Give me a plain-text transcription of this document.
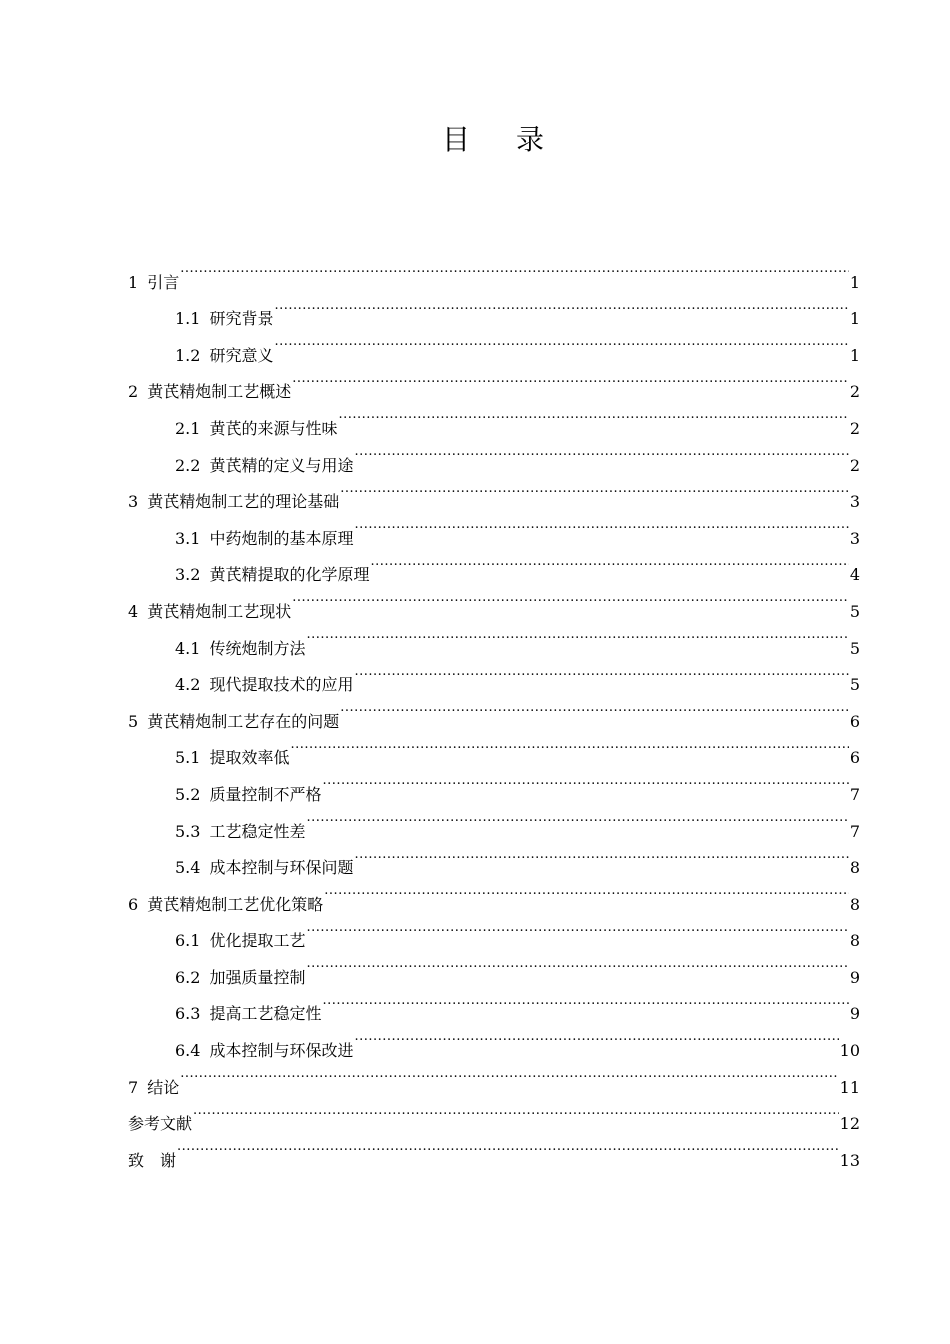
目 录
1 引言 .....	1
1.1 研究背景 .....	1
1.2 研究意义 .....	1
2 黄芪精炮制工艺概述 .....	2
2.1 黄芪的来源与性味 .....	2
2.2 黄芪精的定义与用途 .....	2
3 黄芪精炮制工艺的理论基础 .....	3
3.1 中药炮制的基本原理 .....	3
3.2 黄芪精提取的化学原理 .....	4
4 黄芪精炮制工艺现状 .....	5
4.1 传统炮制方法 .....	5
4.2 现代提取技术的应用 .....	5
5 黄芪精炮制工艺存在的问题 .....	6
5.1 提取效率低 .....	6
5.2 质量控制不严格 .....	7
5.3 工艺稳定性差 .....	7
5.4 成本控制与环保问题 .....	8
6 黄芪精炮制工艺优化策略 .....	8
6.1 优化提取工艺 .....	8
6.2 加强质量控制 .....	9
6.3 提高工艺稳定性 .....	9
6.4 成本控制与环保改进 .....	10
7 结论 .....	11
参考文献 .....	12
致　谢 .....	13
